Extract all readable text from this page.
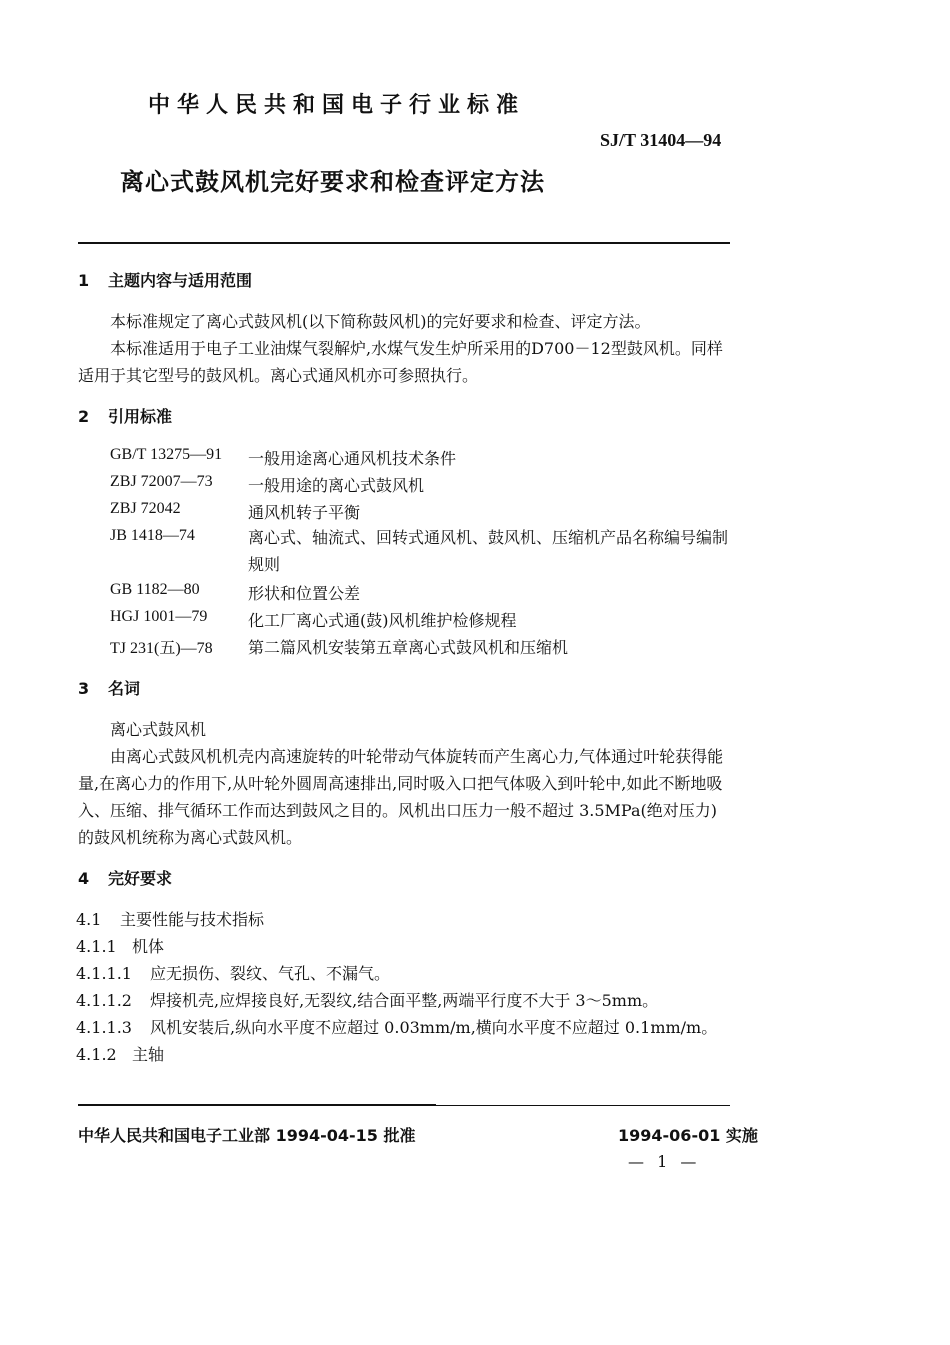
中华人民共和国电子行业标准
SJ/T 31404—94
离心式鼓风机完好要求和检查评定方法
1 主题内容与适用范围
本标准规定了离心式鼓风机(以下简称鼓风机)的完好要求和检查、评定方法。
本标准适用于电子工业油煤气裂解炉,水煤气发生炉所采用的D700－12型鼓风机。同样适用于其它型号的鼓风机。离心式通风机亦可参照执行。
2 引用标准
GB/T 13275—91 一般用途离心通风机技术条件
ZBJ 72007—73 一般用途的离心式鼓风机
ZBJ 72042	通风机转子平衡
JB 1418—74	离心式、轴流式、回转式通风机、鼓风机、压缩机产品名称编号编制规则
GB 1182—80	形状和位置公差
HGJ 1001—79	化工厂离心式通(鼓)风机维护检修规程
TJ 231(五)—78 第二篇风机安装第五章离心式鼓风机和压缩机
3 名词
离心式鼓风机
由离心式鼓风机机壳内高速旋转的叶轮带动气体旋转而产生离心力,气体通过叶轮获得能量,在离心力的作用下,从叶轮外圆周高速排出,同时吸入口把气体吸入到叶轮中,如此不断地吸入、压缩、排气循环工作而达到鼓风之目的。风机出口压力一般不超过 3.5MPa(绝对压力)的鼓风机统称为离心式鼓风机。
4 完好要求
4.1 主要性能与技术指标
4.1.1 机体
4.1.1.1 应无损伤、裂纹、气孔、不漏气。
4.1.1.2 焊接机壳,应焊接良好,无裂纹,结合面平整,两端平行度不大于 3～5mm。
4.1.1.3 风机安装后,纵向水平度不应超过 0.03mm/m,横向水平度不应超过 0.1mm/m。
4.1.2 主轴
中华人民共和国电子工业部 1994-04-15 批准	1994-06-01 实施
— 1 —
